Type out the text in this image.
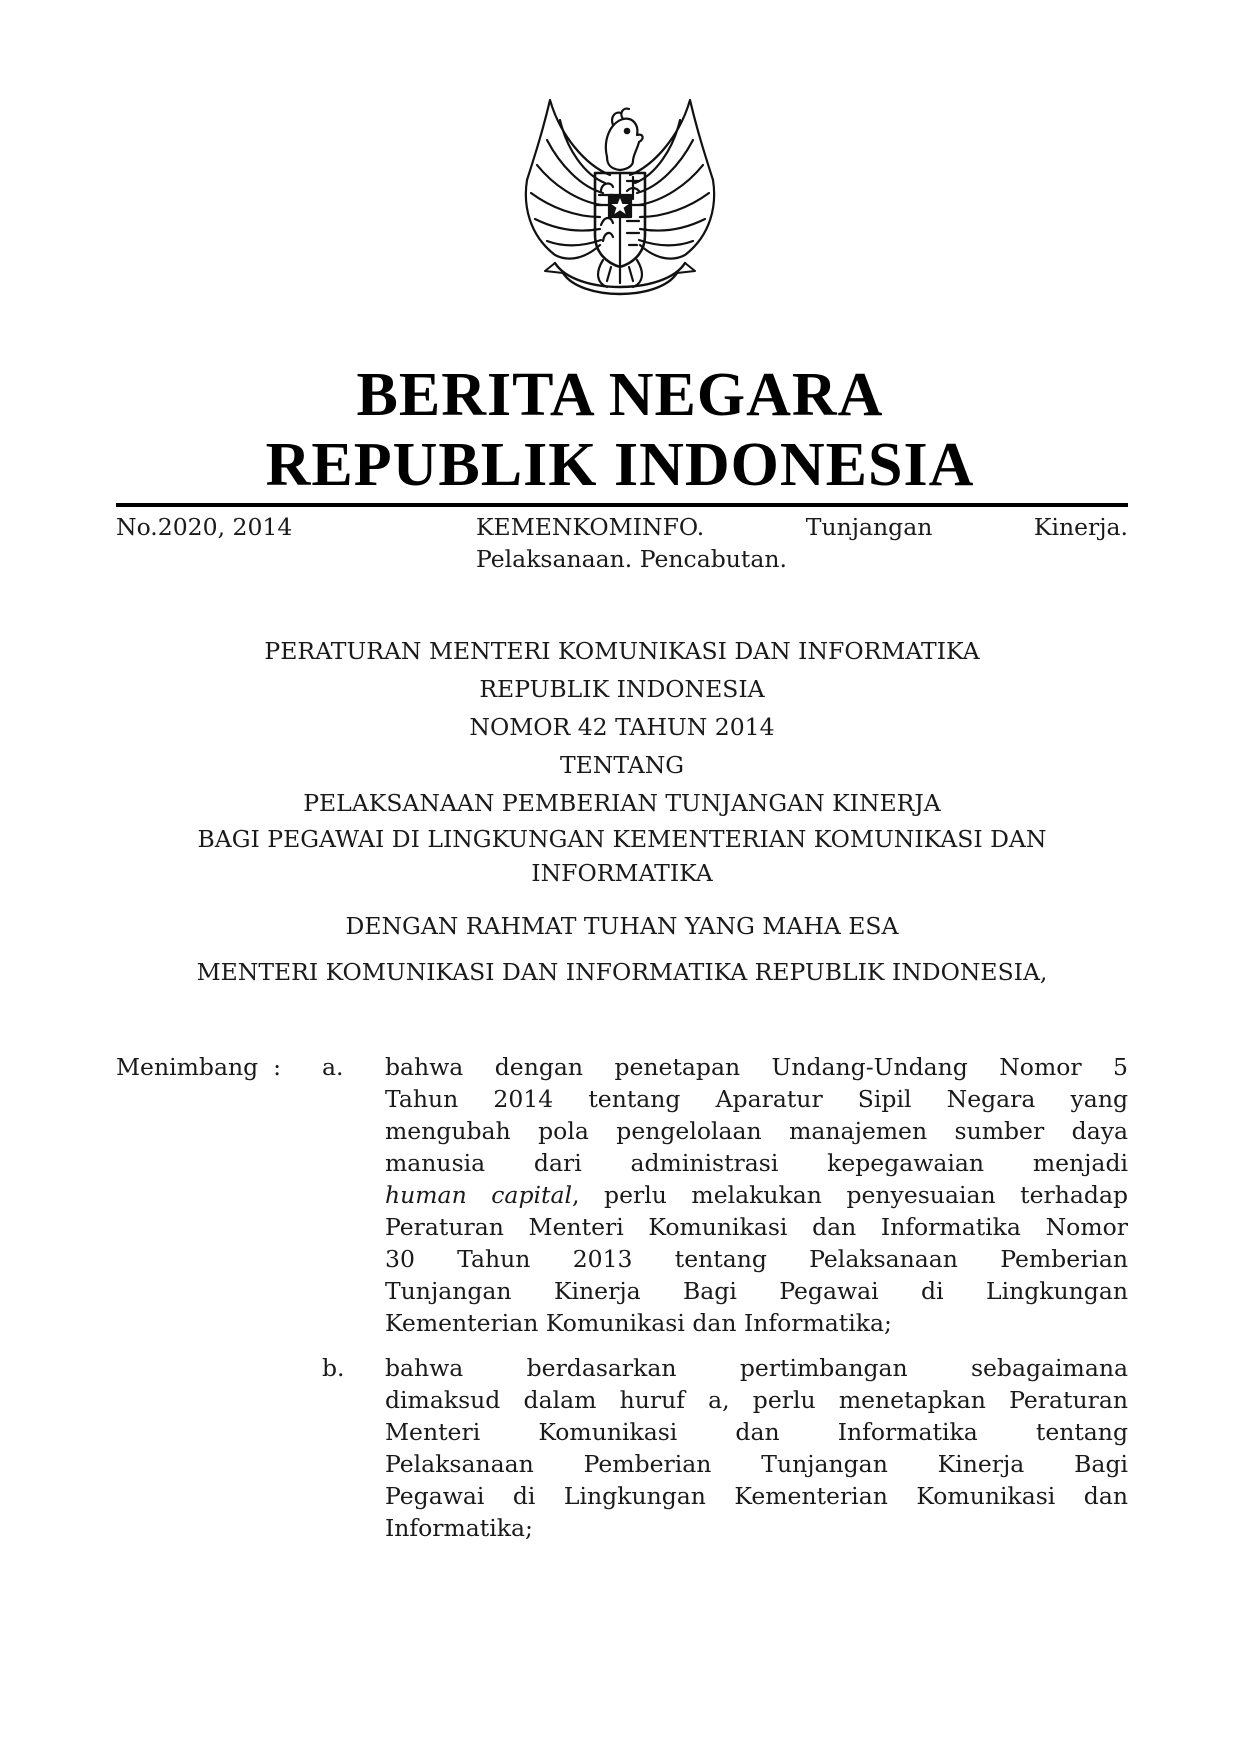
BERITA NEGARA
REPUBLIK INDONESIA
No.2020, 2014	KEMENKOMINFO. Tunjangan Kinerja.
Pelaksanaan. Pencabutan.
PERATURAN MENTERI KOMUNIKASI DAN INFORMATIKA
REPUBLIK INDONESIA
NOMOR 42 TAHUN 2014
TENTANG
PELAKSANAAN PEMBERIAN TUNJANGAN KINERJA
BAGI PEGAWAI DI LINGKUNGAN KEMENTERIAN KOMUNIKASI DAN
INFORMATIKA
DENGAN RAHMAT TUHAN YANG MAHA ESA
MENTERI KOMUNIKASI DAN INFORMATIKA REPUBLIK INDONESIA,
Menimbang : a. bahwa dengan penetapan Undang-Undang Nomor 5
Tahun 2014 tentang Aparatur Sipil Negara yang
mengubah pola pengelolaan manajemen sumber daya
manusia dari administrasi kepegawaian menjadi
human capital, perlu melakukan penyesuaian terhadap
Peraturan Menteri Komunikasi dan Informatika Nomor
30 Tahun 2013 tentang Pelaksanaan Pemberian
Tunjangan Kinerja Bagi Pegawai di Lingkungan
Kementerian Komunikasi dan Informatika;
b. bahwa berdasarkan pertimbangan sebagaimana
dimaksud dalam huruf a, perlu menetapkan Peraturan
Menteri Komunikasi dan Informatika tentang
Pelaksanaan Pemberian Tunjangan Kinerja Bagi
Pegawai di Lingkungan Kementerian Komunikasi dan
Informatika;
